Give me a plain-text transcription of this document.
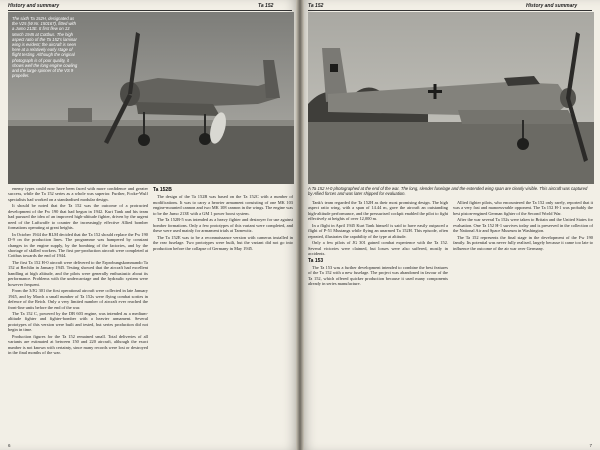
History and summary	Ta 152
The sixth Ta 152H, designated as the V25 (W.Nr. 150167), fitted with a Jumo 213E. It first flew on 13 March 1945 at Cottbus. The high aspect ratio of the Ta 152's laminar wing is evident; the aircraft is seen here at a relatively early stage of flight testing. Although the original photograph is of poor quality, it shows well the long engine cowling and the large spinner of the VS 9 propeller.

enemy types could now have been faced with more confidence and greater success, while the Ta 152 series as a whole was superior. Further, Focke-Wulf specialists had worked on a standardised modular design.

It should be noted that the Ta 152 was the outcome of a protracted development of the Fw 190 that had begun in 1942. Kurt Tank and his team had pursued the idea of an improved high-altitude fighter, driven by the urgent need of the Luftwaffe to counter the increasingly effective Allied bomber formations operating at great heights.

In October 1944 the RLM decided that the Ta 152 should replace the Fw 190 D-9 on the production lines. The programme was hampered by constant changes in the engine supply, by the bombing of the factories, and by the shortage of skilled workers. The first pre-production aircraft were completed at Cottbus towards the end of 1944.

The first Ta 152 H-0 aircraft were delivered to the Erprobungskommando Ta 152 at Rechlin in January 1945. Testing showed that the aircraft had excellent handling at high altitude, and the pilots were generally enthusiastic about its performance. Problems with the undercarriage and the hydraulic system were however frequent.

From the 3/JG 301 the first operational aircraft were collected in late January 1945, and by March a small number of Ta 152s were flying combat sorties in defence of the Reich. Only a very limited number of aircraft ever reached the front-line units before the end of the war.

The Ta 152 C, powered by the DB 603 engine, was intended as a medium-altitude fighter and fighter-bomber with a heavier armament. Several prototypes of this version were built and tested, but series production did not begin in time.

Production figures for the Ta 152 remained small. Total deliveries of all variants are estimated at between 150 and 220 aircraft, although the exact number is not known with certainty, since many records were lost or destroyed in the final months of the war.

Ta 152B

The design of the Ta 152B was based on the Ta 152C with a number of modifications. It was to carry a heavier armament consisting of one MK 103 engine-mounted cannon and two MK 108 cannon in the wings. The engine was to be the Jumo 213E with a GM 1 power boost system.

The Ta 152B-5 was intended as a heavy fighter and destroyer for use against bomber formations. Only a few prototypes of this variant were completed, and these were used mainly for armament trials at Tarnewitz.

The Ta 152E was to be a reconnaissance version with cameras installed in the rear fuselage. Two prototypes were built, but the variant did not go into production before the collapse of Germany in May 1945.

6
Ta 152	History and summary
A Ta 152 H-0 photographed at the end of the war. The long, slender fuselage and the extended wing span are clearly visible. This aircraft was captured by Allied forces and was later shipped for evaluation.

Tank's team regarded the Ta 152H as their most promising design. The high aspect ratio wing, with a span of 14.44 m, gave the aircraft an outstanding high-altitude performance, and the pressurised cockpit enabled the pilot to fight effectively at heights of over 12,000 m.

In a flight in April 1945 Kurt Tank himself is said to have easily outpaced a flight of P-51 Mustangs while flying an unarmed Ta 152H. This episode, often repeated, illustrates the capability of the type at altitude.

Only a few pilots of JG 301 gained combat experience with the Ta 152. Several victories were claimed, but losses were also suffered, mostly in accidents.

Ta 153

The Ta 153 was a further development intended to combine the best features of the Ta 152 with a new fuselage. The project was abandoned in favour of the Ta 152, which offered quicker production because it used many components already in series manufacture.

Allied fighter pilots, who encountered the Ta 152 only rarely, reported that it was a very fast and manoeuvrable opponent. The Ta 152 H-1 was probably the best piston-engined German fighter of the Second World War.

After the war several Ta 152s were taken to Britain and the United States for evaluation. One Ta 152 H-1 survives today and is preserved in the collection of the National Air and Space Museum in Washington.

The Ta 152 represents the final stage in the development of the Fw 190 family. Its potential was never fully realised, largely because it came too late to influence the outcome of the air war over Germany.

7
